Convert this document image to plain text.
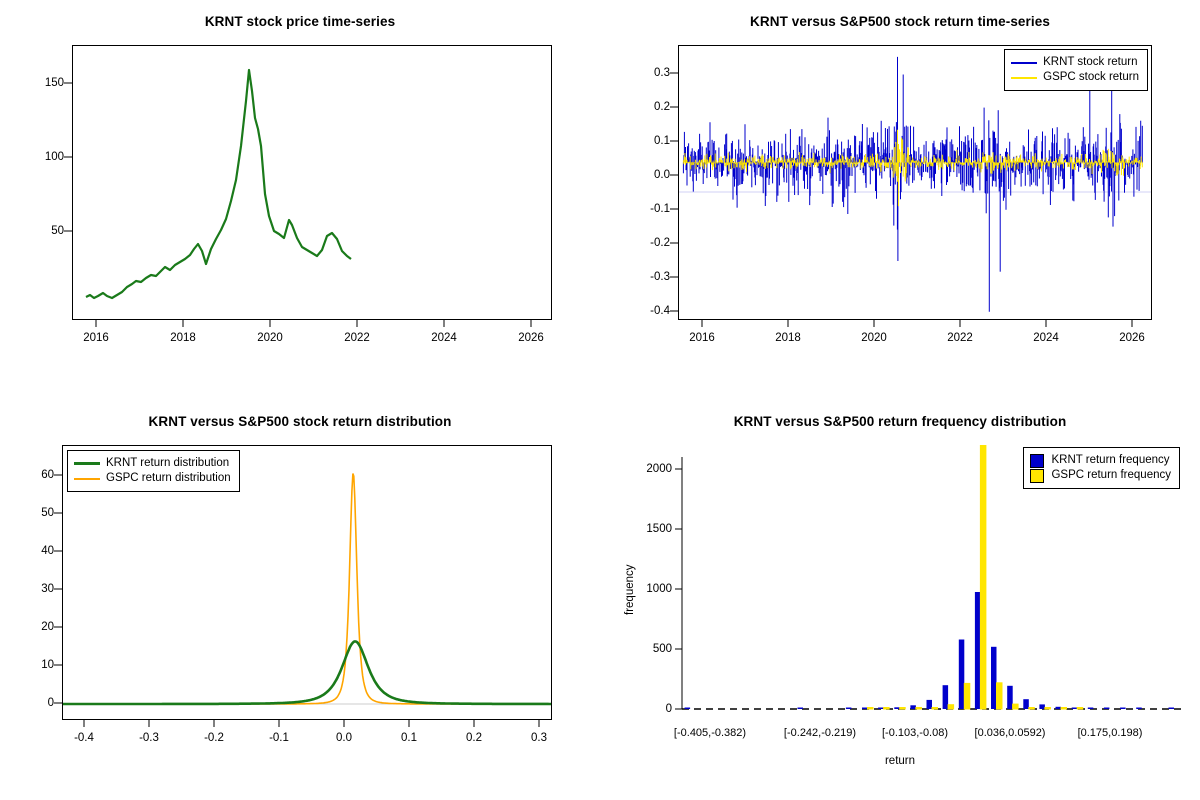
KRNT stock price time-series
50
100
150
2016	2018	2020	2022	2024	2026
KRNT versus S&P500 stock return time-series
KRNT stock return
GSPC stock return
-0.4
-0.3
-0.2
-0.1
0.0
0.1
0.2
0.3
2016	2018	2020	2022	2024	2026
KRNT versus S&P500 stock return distribution
KRNT return distribution
GSPC return distribution
0
10
20
30
40
50
60
-0.4	-0.3	-0.2	-0.1	0.0	0.1	0.2	0.3
KRNT versus S&P500 return frequency distribution
KRNT return frequency
GSPC return frequency
0
500
1000
1500
2000
frequency
[-0.405,-0.382)	[-0.242,-0.219) [-0.103,-0.08) [0.036,0.0592)	[0.175,0.198)
return
